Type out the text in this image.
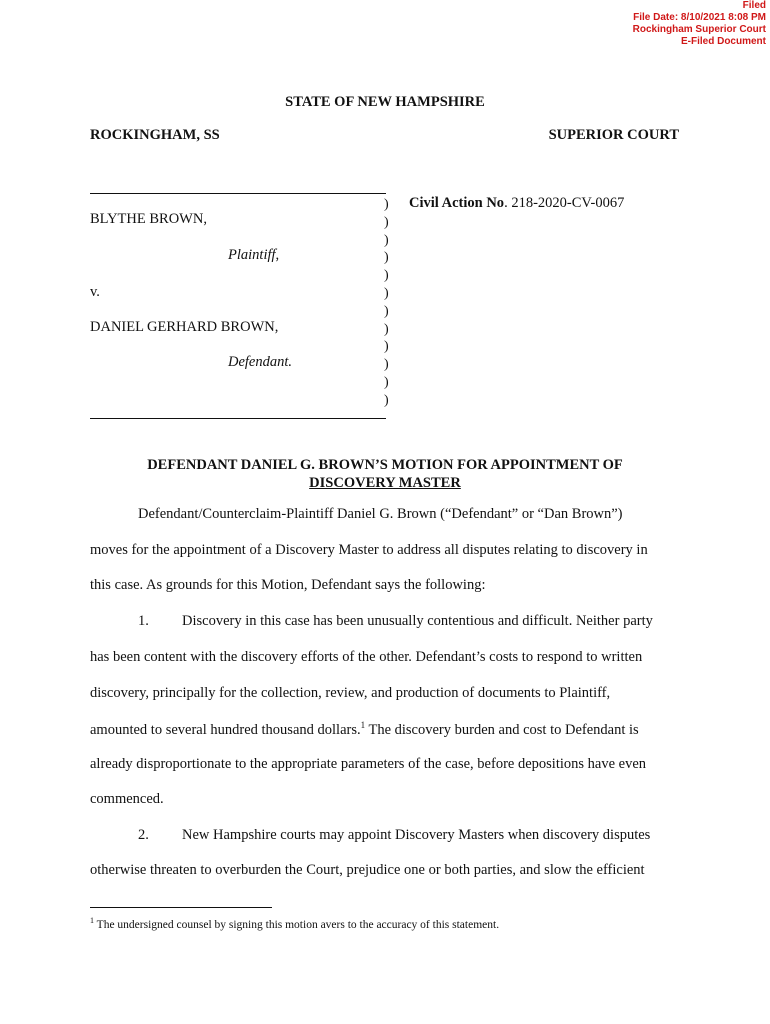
Filed
File Date: 8/10/2021 8:08 PM
Rockingham Superior Court
E-Filed Document
STATE OF NEW HAMPSHIRE
ROCKINGHAM, SS	SUPERIOR COURT
)
)
)
)
)
)
)
)
)
)
)
)
Civil Action No. 218-2020-CV-0067
BLYTHE BROWN,
Plaintiff,
v.
DANIEL GERHARD BROWN,
Defendant.
DEFENDANT DANIEL G. BROWN’S MOTION FOR APPOINTMENT OF
DISCOVERY MASTER
Defendant/Counterclaim-Plaintiff Daniel G. Brown (“Defendant” or “Dan Brown”)
moves for the appointment of a Discovery Master to address all disputes relating to discovery in
this case. As grounds for this Motion, Defendant says the following:
1. Discovery in this case has been unusually contentious and difficult. Neither party
has been content with the discovery efforts of the other. Defendant’s costs to respond to written
discovery, principally for the collection, review, and production of documents to Plaintiff,
amounted to several hundred thousand dollars.$^1$ The discovery burden and cost to Defendant is
already disproportionate to the appropriate parameters of the case, before depositions have even
commenced.
2. New Hampshire courts may appoint Discovery Masters when discovery disputes
otherwise threaten to overburden the Court, prejudice one or both parties, and slow the efficient
$^1$ The undersigned counsel by signing this motion avers to the accuracy of this statement.
